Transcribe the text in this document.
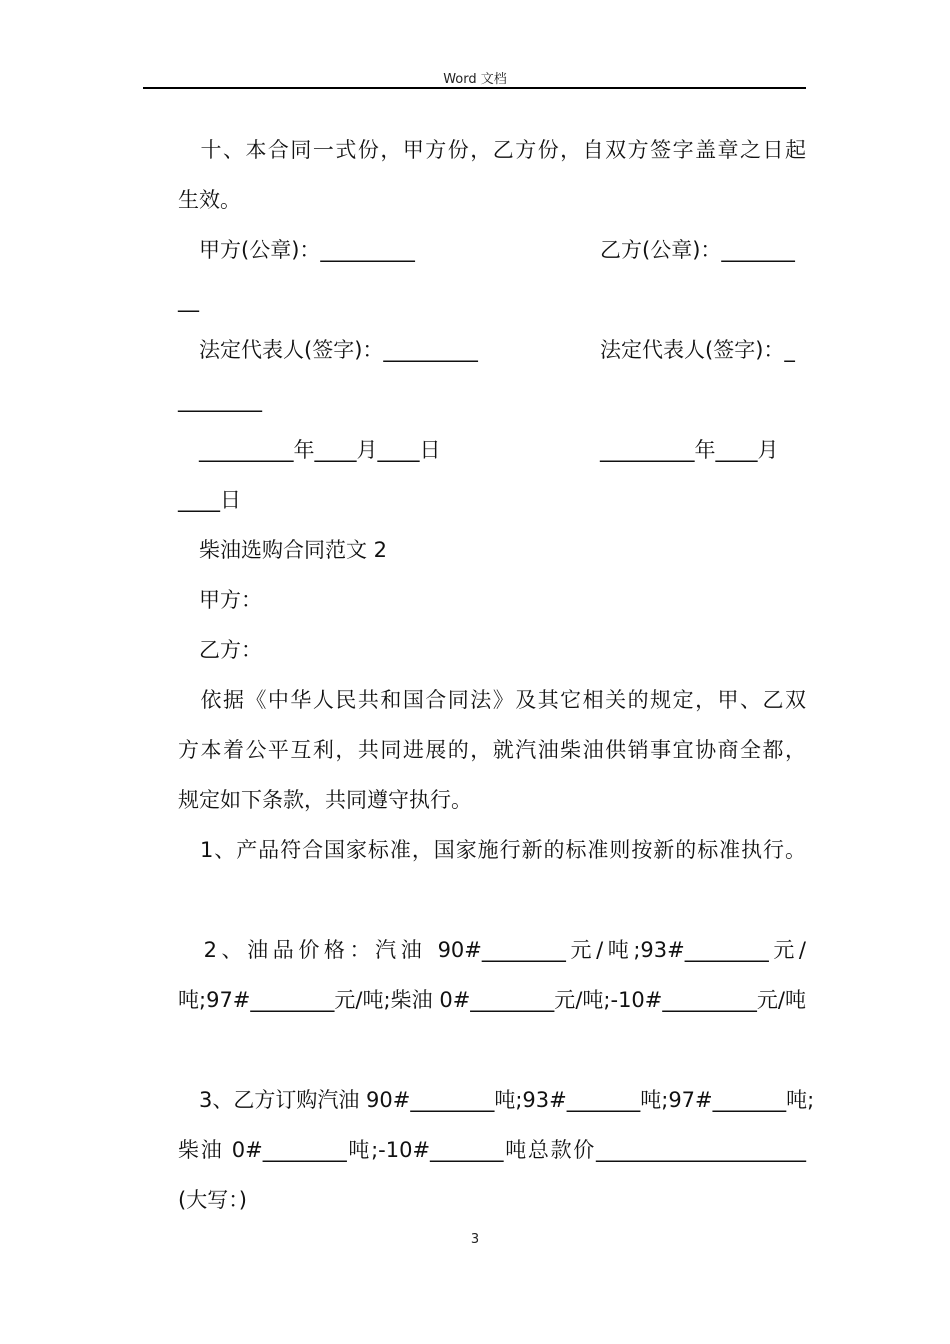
Word 文档
　十、本合同一式份，甲方份，乙方份，自双方签字盖章之日起
生效。
　甲方(公章)：_________	乙方(公章)：_______
__
　法定代表人(签字)：_________	法定代表人(签字)：_
________
　_________年____月____日	_________年____月
____日
　柴油选购合同范文 2
　甲方：
　乙方：
　依据《中华人民共和国合同法》及其它相关的规定，甲、乙双
方本着公平互利，共同进展的，就汽油柴油供销事宜协商全都，
规定如下条款，共同遵守执行。
　1、产品符合国家标准，国家施行新的标准则按新的标准执行。
　2、油品价格：汽油 90#________元/吨;93#________元/
吨;97#________元/吨;柴油 0#________元/吨;-10#_________元/吨
　3、乙方订购汽油 90#________吨;93#_______吨;97#_______吨;
柴油 0#________吨;-10#_______吨总款价____________________
(大写：)
3
